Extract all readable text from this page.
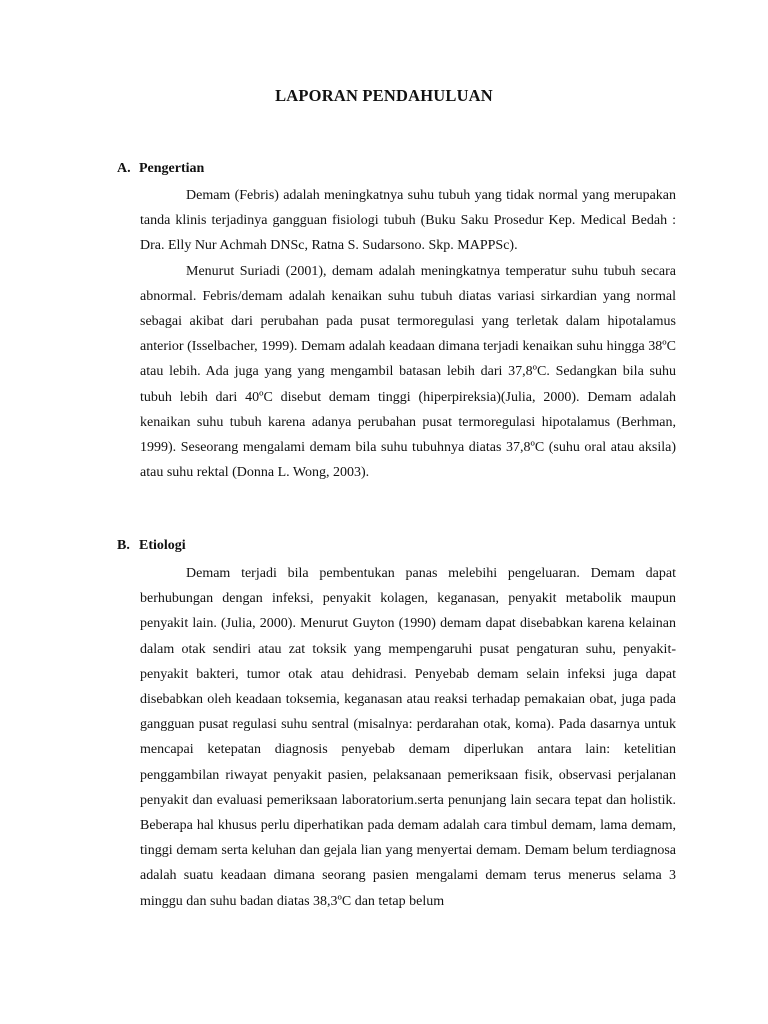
LAPORAN PENDAHULUAN
A. Pengertian

Demam (Febris) adalah meningkatnya suhu tubuh yang tidak normal yang merupakan tanda klinis terjadinya gangguan fisiologi tubuh (Buku Saku Prosedur Kep. Medical Bedah : Dra. Elly Nur Achmah DNSc, Ratna S. Sudarsono. Skp. MAPPSc).

Menurut Suriadi (2001), demam adalah meningkatnya temperatur suhu tubuh secara abnormal. Febris/demam adalah kenaikan suhu tubuh diatas variasi sirkardian yang normal sebagai akibat dari perubahan pada pusat termoregulasi yang terletak dalam hipotalamus anterior (Isselbacher, 1999). Demam adalah keadaan dimana terjadi kenaikan suhu hingga 38ºC atau lebih. Ada juga yang yang mengambil batasan lebih dari 37,8ºC. Sedangkan bila suhu tubuh lebih dari 40ºC disebut demam tinggi (hiperpireksia)(Julia, 2000). Demam adalah kenaikan suhu tubuh karena adanya perubahan pusat termoregulasi hipotalamus (Berhman, 1999). Seseorang mengalami demam bila suhu tubuhnya diatas 37,8ºC (suhu oral atau aksila) atau suhu rektal (Donna L. Wong, 2003).

B. Etiologi

Demam terjadi bila pembentukan panas melebihi pengeluaran. Demam dapat berhubungan dengan infeksi, penyakit kolagen, keganasan, penyakit metabolik maupun penyakit lain. (Julia, 2000). Menurut Guyton (1990) demam dapat disebabkan karena kelainan dalam otak sendiri atau zat toksik yang mempengaruhi pusat pengaturan suhu, penyakit-penyakit bakteri, tumor otak atau dehidrasi. Penyebab demam selain infeksi juga dapat disebabkan oleh keadaan toksemia, keganasan atau reaksi terhadap pemakaian obat, juga pada gangguan pusat regulasi suhu sentral (misalnya: perdarahan otak, koma). Pada dasarnya untuk mencapai ketepatan diagnosis penyebab demam diperlukan antara lain: ketelitian penggambilan riwayat penyakit pasien, pelaksanaan pemeriksaan fisik, observasi perjalanan penyakit dan evaluasi pemeriksaan laboratorium.serta penunjang lain secara tepat dan holistik. Beberapa hal khusus perlu diperhatikan pada demam adalah cara timbul demam, lama demam, tinggi demam serta keluhan dan gejala lian yang menyertai demam. Demam belum terdiagnosa adalah suatu keadaan dimana seorang pasien mengalami demam terus menerus selama 3 minggu dan suhu badan diatas 38,3ºC dan tetap belum
